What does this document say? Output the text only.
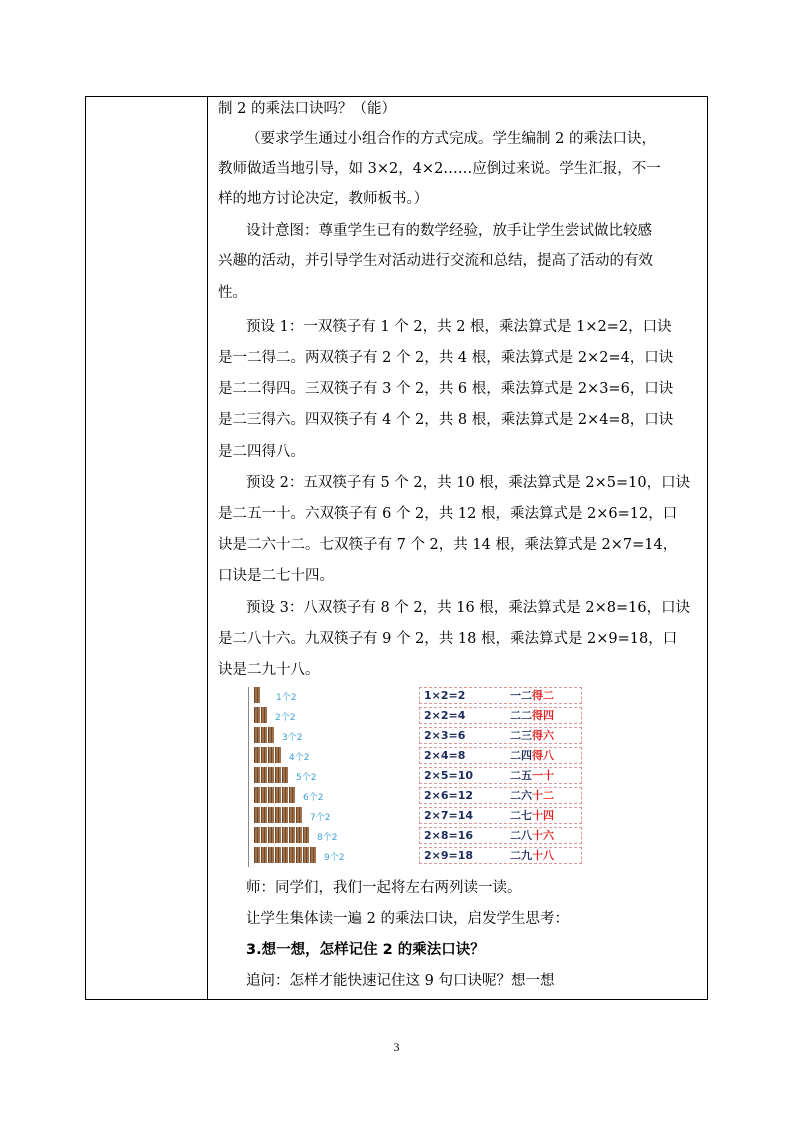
制 2 的乘法口诀吗？（能）
（要求学生通过小组合作的方式完成。学生编制 2 的乘法口诀，
教师做适当地引导，如 3×2，4×2……应倒过来说。学生汇报，不一
样的地方讨论决定，教师板书。）
设计意图：尊重学生已有的数学经验，放手让学生尝试做比较感
兴趣的活动，并引导学生对活动进行交流和总结，提高了活动的有效
性。
预设 1：一双筷子有 1 个 2，共 2 根，乘法算式是 1×2=2，口诀
是一二得二。两双筷子有 2 个 2，共 4 根，乘法算式是 2×2=4，口诀
是二二得四。三双筷子有 3 个 2，共 6 根，乘法算式是 2×3=6，口诀
是二三得六。四双筷子有 4 个 2，共 8 根，乘法算式是 2×4=8，口诀
是二四得八。
预设 2：五双筷子有 5 个 2，共 10 根，乘法算式是 2×5=10，口诀
是二五一十。六双筷子有 6 个 2，共 12 根，乘法算式是 2×6=12，口
诀是二六十二。七双筷子有 7 个 2，共 14 根，乘法算式是 2×7=14，
口诀是二七十四。
预设 3：八双筷子有 8 个 2，共 16 根，乘法算式是 2×8=16，口诀
是二八十六。九双筷子有 9 个 2，共 18 根，乘法算式是 2×9=18，口
诀是二九十八。
师：同学们，我们一起将左右两列读一读。
让学生集体读一遍 2 的乘法口诀，启发学生思考：
3.想一想，怎样记住 2 的乘法口诀？
追问：怎样才能快速记住这 9 句口诀呢？想一想
1个2
2个2
3个2
4个2
5个2
6个2
7个2
8个2
9个2
1×2=2	一二得二
2×2=4	二二得四
2×3=6	二三得六
2×4=8	二四得八
2×5=10	二五一十
2×6=12	二六十二
2×7=14	二七十四
2×8=16	二八十六
2×9=18	二九十八
3
